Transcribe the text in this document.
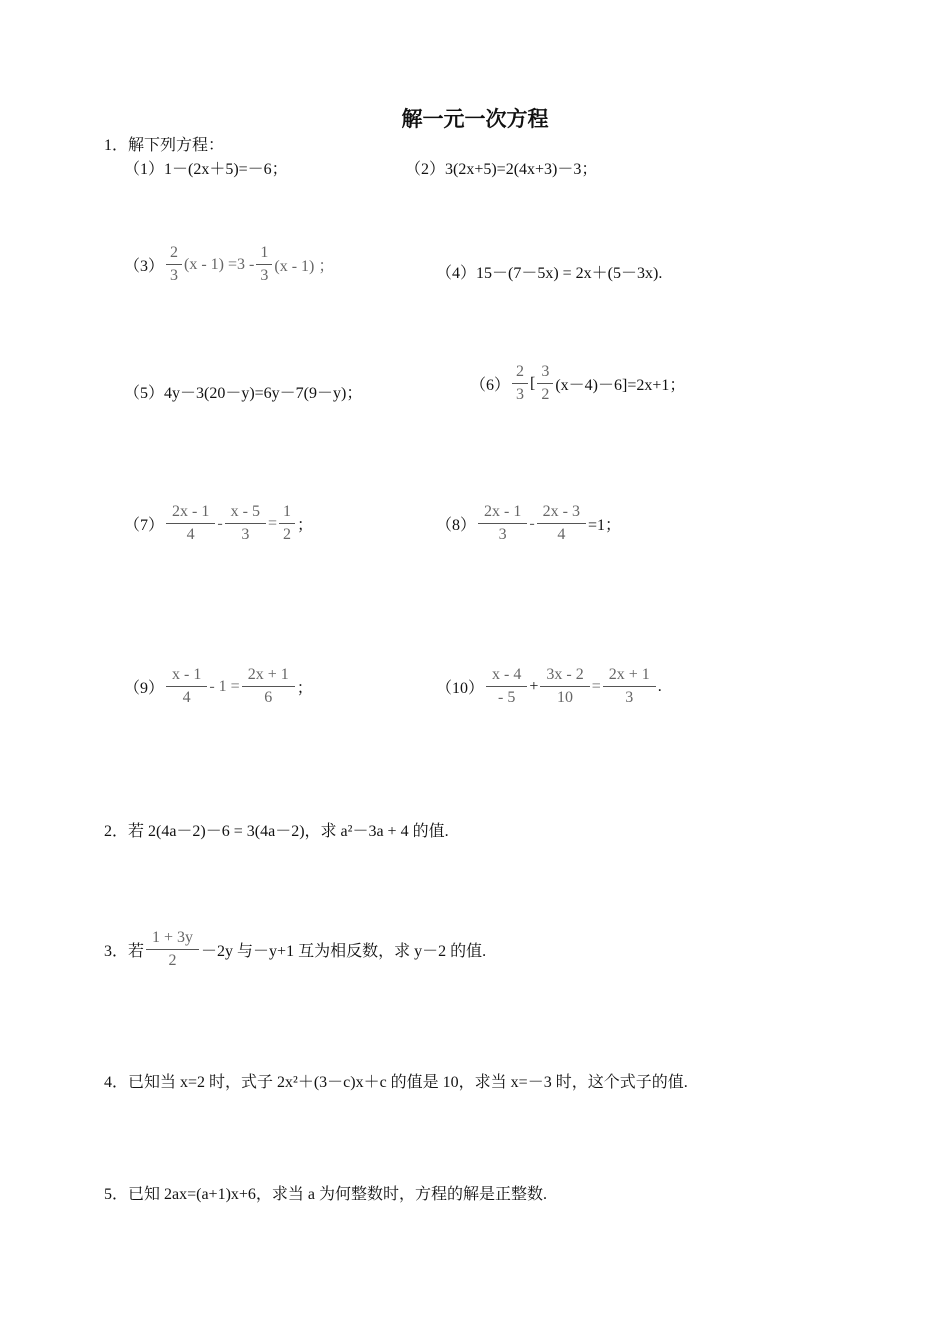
解一元一次方程
1．解下列方程：
（1）1－(2x＋5)=－6；	（2）3(2x+5)=2(4x+3)－3；
$(3) \frac{2}{3} (x - 1) =3 - \frac{1}{3} (x - 1)$ ；	（4）15－(7－5x) = 2x＋(5－3x).
（5）4y－3(20－y)=6y－7(9－y)；	$(6) \frac{2}{3}$ [ $\frac{3}{2} (x-4)-6]=2x+1$；
$(7) \frac{2x - 1}{4} - \frac{x - 5}{3} = \frac{1}{2}$ ；	$(8) \frac{2x - 1}{3} - \frac{2x - 3}{4} =1$；
$(9) \frac{x - 1}{4} - 1 = \frac{2x + 1}{6}$ ；	$(10) \frac{x - 4}{- 5} + \frac{3x - 2}{10} = \frac{2x + 1}{3}$ .
2．若 2(4a－2)－6 = 3(4a－2)，求 a²－3a + 4 的值.
3．若 $\frac{1 + 3y}{2} -2y$ 与－y+1 互为相反数，求 y－2 的值.
4．已知当 x=2 时，式子 2x²＋(3－c)x＋c 的值是 10，求当 x=－3 时，这个式子的值.
5．已知 2ax=(a+1)x+6，求当 a 为何整数时，方程的解是正整数.
